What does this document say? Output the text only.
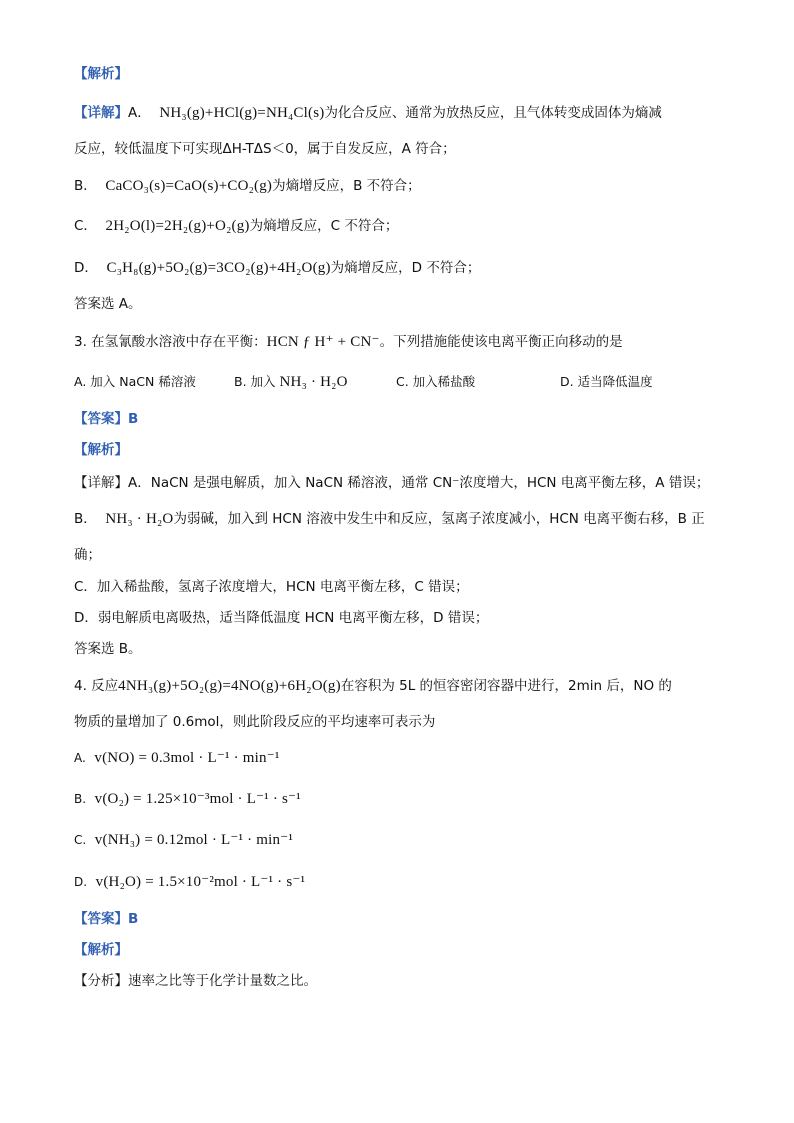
【解析】
【详解】A． NH₃(g)+HCl(g)=NH₄Cl(s)为化合反应、通常为放热反应，且气体转变成固体为熵减
反应，较低温度下可实现ΔH-TΔS＜0，属于自发反应，A 符合；
B． CaCO₃(s)=CaO(s)+CO₂(g)为熵增反应，B 不符合；
C． 2H₂O(l)=2H₂(g)+O₂(g)为熵增反应，C 不符合；
D． C₃H₈(g)+5O₂(g)=3CO₂(g)+4H₂O(g)为熵增反应，D 不符合；
答案选 A。
3. 在氢氰酸水溶液中存在平衡：HCN ƒ H⁺ + CN⁻。下列措施能使该电离平衡正向移动的是
A. 加入 NaCN 稀溶液	B. 加入 NH₃ · H₂O	C. 加入稀盐酸	D. 适当降低温度
【答案】B
【解析】
【详解】A．NaCN 是强电解质，加入 NaCN 稀溶液，通常 CN⁻浓度增大，HCN 电离平衡左移，A 错误；
B． NH₃ · H₂O为弱碱，加入到 HCN 溶液中发生中和反应，氢离子浓度减小，HCN 电离平衡右移，B 正
确；
C．加入稀盐酸，氢离子浓度增大，HCN 电离平衡左移，C 错误；
D．弱电解质电离吸热，适当降低温度 HCN 电离平衡左移，D 错误；
答案选 B。
4. 反应4NH₃(g)+5O₂(g)=4NO(g)+6H₂O(g)在容积为 5L 的恒容密闭容器中进行，2min 后，NO 的
物质的量增加了 0.6mol，则此阶段反应的平均速率可表示为
A. v(NO) = 0.3mol · L⁻¹ · min⁻¹
B. v(O₂) = 1.25×10⁻³mol · L⁻¹ · s⁻¹
C. v(NH₃) = 0.12mol · L⁻¹ · min⁻¹
D. v(H₂O) = 1.5×10⁻²mol · L⁻¹ · s⁻¹
【答案】B
【解析】
【分析】速率之比等于化学计量数之比。
